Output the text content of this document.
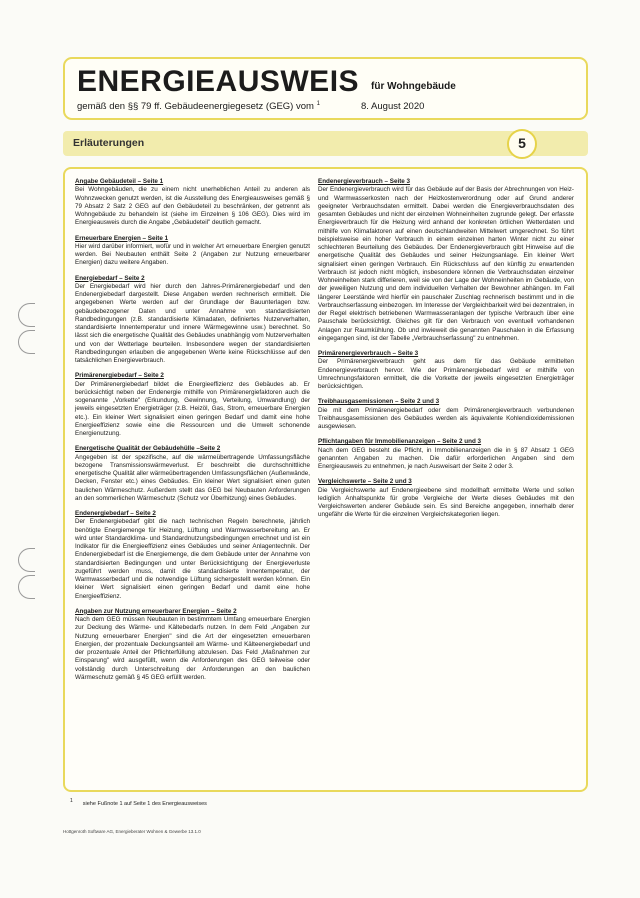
ENERGIEAUSWEIS für Wohngebäude
gemäß den §§ 79 ff. Gebäudeenergiegesetz (GEG) vom $^1$	8. August 2020
Erläuterungen	5
Angabe Gebäudeteil – Seite 1
Bei Wohngebäuden, die zu einem nicht unerheblichen Anteil zu anderen als Wohnzwecken genutzt werden, ist die Ausstellung des Energieausweises gemäß § 79 Absatz 2 Satz 2 GEG auf den Gebäudeteil zu beschränken, der getrennt als Wohngebäude zu behandeln ist (siehe im Einzelnen § 106 GEG). Dies wird im Energieausweis durch die Angabe „Gebäudeteil" deutlich gemacht.
Erneuerbare Energien – Seite 1
Hier wird darüber informiert, wofür und in welcher Art erneuerbare Energien genutzt werden. Bei Neubauten enthält Seite 2 (Angaben zur Nutzung erneuerbarer Energien) dazu weitere Angaben.
Energiebedarf – Seite 2
Der Energiebedarf wird hier durch den Jahres-Primärenergiebedarf und den Endenergiebedarf dargestellt. Diese Angaben werden rechnerisch ermittelt. Die angegebenen Werte werden auf der Grundlage der Bauunterlagen bzw. gebäudebezogener Daten und unter Annahme von standardisierten Randbedingungen (z.B. standardisierte Klimadaten, definiertes Nutzerverhalten, standardisierte Innentemperatur und innere Wärmegewinne usw.) berechnet. So lässt sich die energetische Qualität des Gebäudes unabhängig vom Nutzerverhalten und von der Wetterlage beurteilen. Insbesondere wegen der standardisierten Randbedingungen erlauben die angegebenen Werte keine Rückschlüsse auf den tatsächlichen Energieverbrauch.
Primärenergiebedarf – Seite 2
Der Primärenergiebedarf bildet die Energieeffizienz des Gebäudes ab. Er berücksichtigt neben der Endenergie mithilfe von Primärenergiefaktoren auch die sogenannte „Vorkette" (Erkundung, Gewinnung, Verteilung, Umwandlung) der jeweils eingesetzten Energieträger (z.B. Heizöl, Gas, Strom, erneuerbare Energien etc.). Ein kleiner Wert signalisiert einen geringen Bedarf und damit eine hohe Energieeffizienz sowie eine die Ressourcen und die Umwelt schonende Energienutzung.
Energetische Qualität der Gebäudehülle –Seite 2
Angegeben ist der spezifische, auf die wärmeübertragende Umfassungsfläche bezogene Transmissionswärmeverlust. Er beschreibt die durchschnittliche energetische Qualität aller wärmeübertragenden Umfassungsflächen (Außenwände, Decken, Fenster etc.) eines Gebäudes. Ein kleiner Wert signalisiert einen guten baulichen Wärmeschutz. Außerdem stellt das GEG bei Neubauten Anforderungen an den sommerlichen Wärmeschutz (Schutz vor Überhitzung) eines Gebäudes.
Endenergiebedarf – Seite 2
Der Endenergiebedarf gibt die nach technischen Regeln berechnete, jährlich benötigte Energiemenge für Heizung, Lüftung und Warmwasserbereitung an. Er wird unter Standardklima- und Standardnutzungsbedingungen errechnet und ist ein Indikator für die Energieeffizienz eines Gebäudes und seiner Anlagentechnik. Der Endenergiebedarf ist die Energiemenge, die dem Gebäude unter der Annahme von standardisierten Bedingungen und unter Berücksichtigung der Energieverluste zugeführt werden muss, damit die standardisierte Innentemperatur, der Warmwasserbedarf und die notwendige Lüftung sichergestellt werden können. Ein kleiner Wert signalisiert einen geringen Bedarf und damit eine hohe Energieeffizienz.
Angaben zur Nutzung erneuerbarer Energien – Seite 2
Nach dem GEG müssen Neubauten in bestimmtem Umfang erneuerbare Energien zur Deckung des Wärme- und Kältebedarfs nutzen. In dem Feld „Angaben zur Nutzung erneuerbarer Energien" sind die Art der eingesetzten erneuerbaren Energien, der prozentuale Deckungsanteil am Wärme- und Kälteenergiebedarf und der prozentuale Anteil der Pflichterfüllung abzulesen. Das Feld „Maßnahmen zur Einsparung" wird ausgefüllt, wenn die Anforderungen des GEG teilweise oder vollständig durch Unterschreitung der Anforderungen an den baulichen Wärmeschutz gemäß § 45 GEG erfüllt werden.
Endenergieverbrauch – Seite 3
Der Endenergieverbrauch wird für das Gebäude auf der Basis der Abrechnungen von Heiz- und Warmwasserkosten nach der Heizkostenverordnung oder auf Grund anderer geeigneter Verbrauchsdaten ermittelt. Dabei werden die Energieverbrauchsdaten des gesamten Gebäudes und nicht der einzelnen Wohneinheiten zugrunde gelegt. Der erfasste Energieverbrauch für die Heizung wird anhand der konkreten örtlichen Wetterdaten und mithilfe von Klimafaktoren auf einen deutschlandweiten Mittelwert umgerechnet. So führt beispielsweise ein hoher Verbrauch in einem einzelnen harten Winter nicht zu einer schlechteren Beurteilung des Gebäudes. Der Endenergieverbrauch gibt Hinweise auf die energetische Qualität des Gebäudes und seiner Heizungsanlage. Ein kleiner Wert signalisiert einen geringen Verbrauch. Ein Rückschluss auf den künftig zu erwartenden Verbrauch ist jedoch nicht möglich, insbesondere können die Verbrauchsdaten einzelner Wohneinheiten stark differieren, weil sie von der Lage der Wohneinheiten im Gebäude, von der jeweiligen Nutzung und dem individuellen Verhalten der Bewohner abhängen. Im Fall längerer Leerstände wird hierfür ein pauschaler Zuschlag rechnerisch bestimmt und in die Verbrauchserfassung einbezogen. Im Interesse der Vergleichbarkeit wird bei dezentralen, in der Regel elektrisch betriebenen Warmwasseranlagen der typische Verbrauch über eine Pauschale berücksichtigt. Gleiches gilt für den Verbrauch von eventuell vorhandenen Anlagen zur Raumkühlung. Ob und inwieweit die genannten Pauschalen in die Erfassung eingegangen sind, ist der Tabelle „Verbrauchserfassung" zu entnehmen.
Primärenergieverbrauch – Seite 3
Der Primärenergieverbrauch geht aus dem für das Gebäude ermittelten Endenergieverbrauch hervor. Wie der Primärenergiebedarf wird er mithilfe von Umrechnungsfaktoren ermittelt, die die Vorkette der jeweils eingesetzten Energieträger berücksichtigen.
Treibhausgasemissionen – Seite 2 und 3
Die mit dem Primärenergiebedarf oder dem Primärenergieverbrauch verbundenen Treibhausgasemissionen des Gebäudes werden als äquivalente Kohlendioxidemissionen ausgewiesen.
Pflichtangaben für Immobilienanzeigen – Seite 2 und 3
Nach dem GEG besteht die Pflicht, in Immobilienanzeigen die in § 87 Absatz 1 GEG genannten Angaben zu machen. Die dafür erforderlichen Angaben sind dem Energieausweis zu entnehmen, je nach Ausweisart der Seite 2 oder 3.
Vergleichswerte – Seite 2 und 3
Die Vergleichswerte auf Endenergieebene sind modellhaft ermittelte Werte und sollen lediglich Anhaltspunkte für grobe Vergleiche der Werte dieses Gebäudes mit den Vergleichswerten anderer Gebäude sein. Es sind Bereiche angegeben, innerhalb derer ungefähr die Werte für die einzelnen Vergleichskategorien liegen.
$^1$ siehe Fußnote 1 auf Seite 1 des Energieausweises
Hottgenroth Software AG, Energieberater Wohnen & Gewerbe 13.1.0
